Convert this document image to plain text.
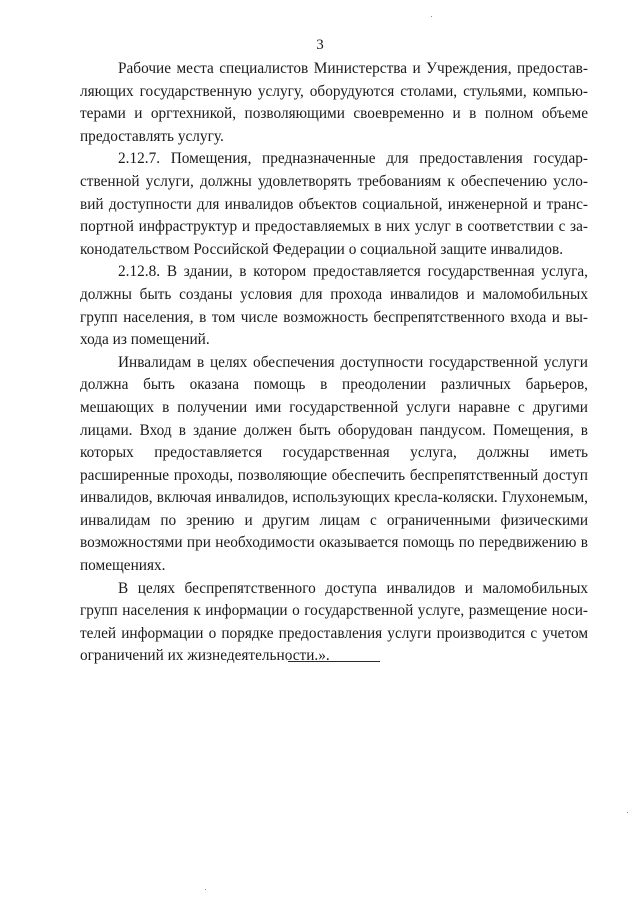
3

Рабочие места специалистов Министерства и Учреждения, предоставляющих государственную услугу, оборудуются столами, стульями, компьютерами и оргтехникой, позволяющими своевременно и в полном объеме предоставлять услугу.

2.12.7. Помещения, предназначенные для предоставления государственной услуги, должны удовлетворять требованиям к обеспечению условий доступности для инвалидов объектов социальной, инженерной и транспортной инфраструктур и предоставляемых в них услуг в соответствии с законодательством Российской Федерации о социальной защите инвалидов.

2.12.8. В здании, в котором предоставляется государственная услуга, должны быть созданы условия для прохода инвалидов и маломобильных групп населения, в том числе возможность беспрепятственного входа и выхода из помещений.

Инвалидам в целях обеспечения доступности государственной услуги должна быть оказана помощь в преодолении различных барьеров, мешающих в получении ими государственной услуги наравне с другими лицами. Вход в здание должен быть оборудован пандусом. Помещения, в которых предоставляется государственная услуга, должны иметь расширенные проходы, позволяющие обеспечить беспрепятственный доступ инвалидов, включая инвалидов, использующих кресла-коляски. Глухонемым, инвалидам по зрению и другим лицам с ограниченными физическими возможностями при необходимости оказывается помощь по передвижению в помещениях.

В целях беспрепятственного доступа инвалидов и маломобильных групп населения к информации о государственной услуге, размещение носителей информации о порядке предоставления услуги производится с учетом ограничений их жизнедеятельности.».
